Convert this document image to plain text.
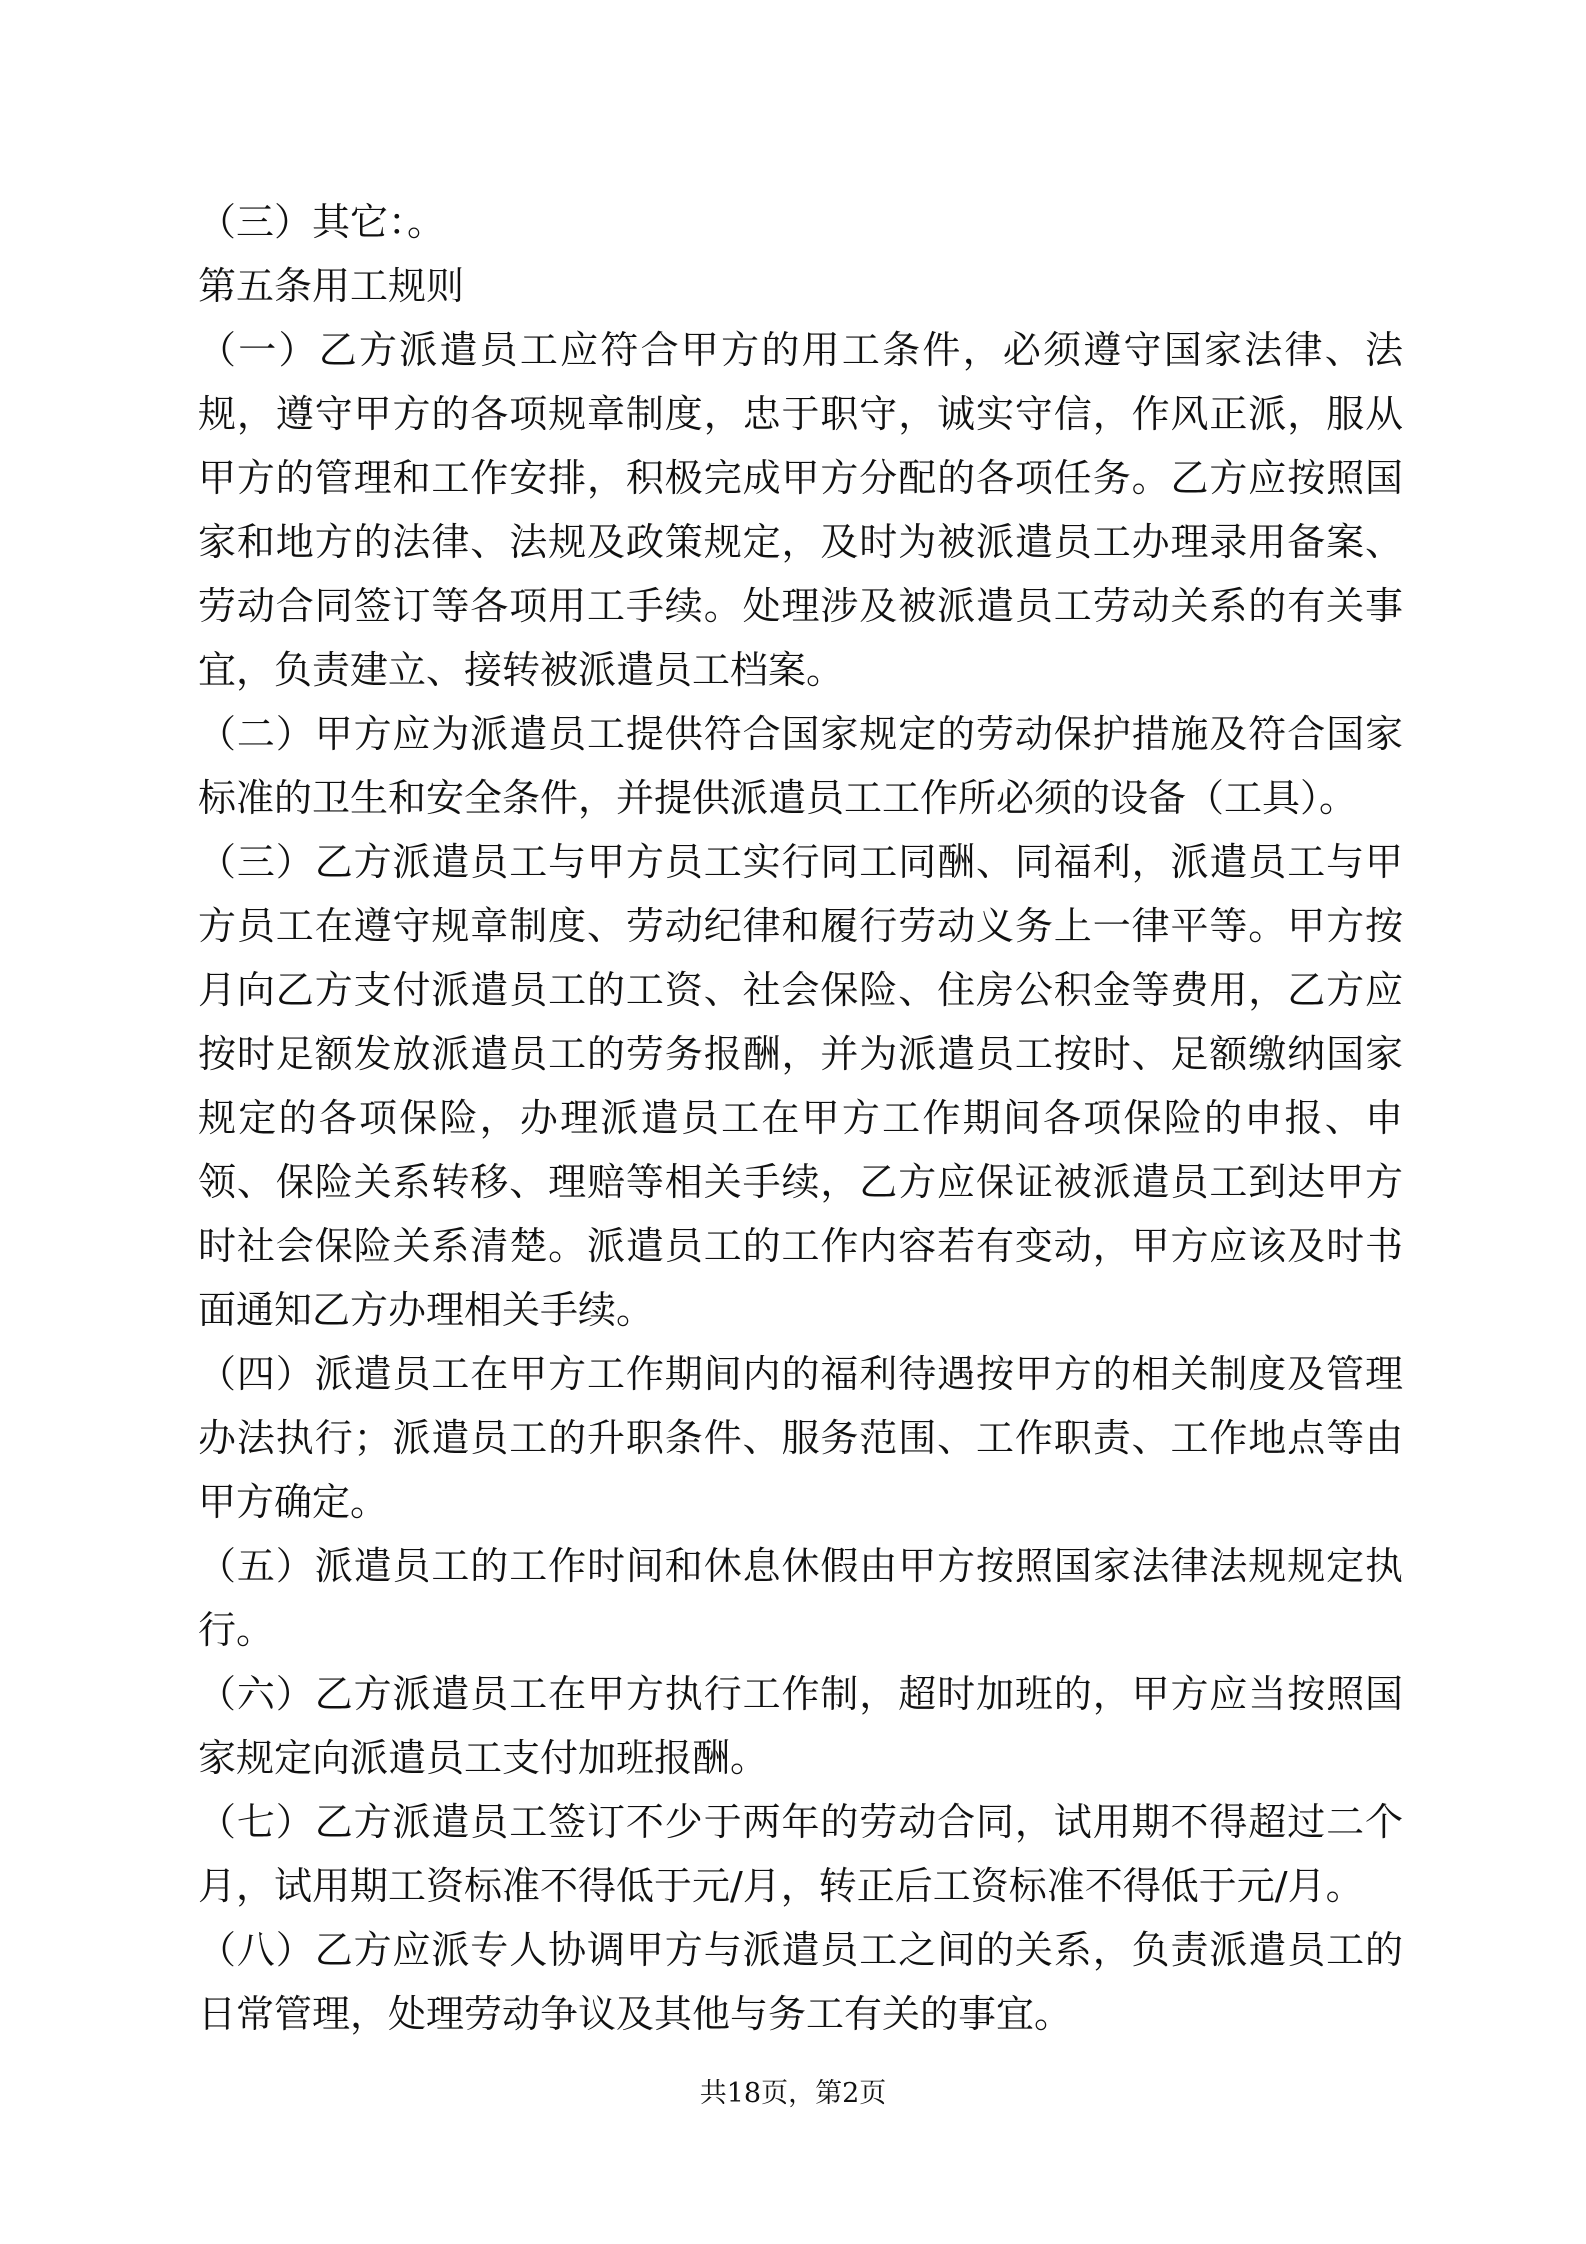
（三）其它：。

第五条用工规则

（一）乙方派遣员工应符合甲方的用工条件，必须遵守国家法律、法规，遵守甲方的各项规章制度，忠于职守，诚实守信，作风正派，服从甲方的管理和工作安排，积极完成甲方分配的各项任务。乙方应按照国家和地方的法律、法规及政策规定，及时为被派遣员工办理录用备案、劳动合同签订等各项用工手续。处理涉及被派遣员工劳动关系的有关事宜，负责建立、接转被派遣员工档案。

（二）甲方应为派遣员工提供符合国家规定的劳动保护措施及符合国家标准的卫生和安全条件，并提供派遣员工工作所必须的设备（工具）。

（三）乙方派遣员工与甲方员工实行同工同酬、同福利，派遣员工与甲方员工在遵守规章制度、劳动纪律和履行劳动义务上一律平等。甲方按月向乙方支付派遣员工的工资、社会保险、住房公积金等费用，乙方应按时足额发放派遣员工的劳务报酬，并为派遣员工按时、足额缴纳国家规定的各项保险，办理派遣员工在甲方工作期间各项保险的申报、申领、保险关系转移、理赔等相关手续，乙方应保证被派遣员工到达甲方时社会保险关系清楚。派遣员工的工作内容若有变动，甲方应该及时书面通知乙方办理相关手续。

（四）派遣员工在甲方工作期间内的福利待遇按甲方的相关制度及管理办法执行；派遣员工的升职条件、服务范围、工作职责、工作地点等由甲方确定。

（五）派遣员工的工作时间和休息休假由甲方按照国家法律法规规定执行。

（六）乙方派遣员工在甲方执行工作制，超时加班的，甲方应当按照国家规定向派遣员工支付加班报酬。

（七）乙方派遣员工签订不少于两年的劳动合同，试用期不得超过二个月，试用期工资标准不得低于元/月，转正后工资标准不得低于元/月。

（八）乙方应派专人协调甲方与派遣员工之间的关系，负责派遣员工的日常管理，处理劳动争议及其他与务工有关的事宜。

共18页，第2页
